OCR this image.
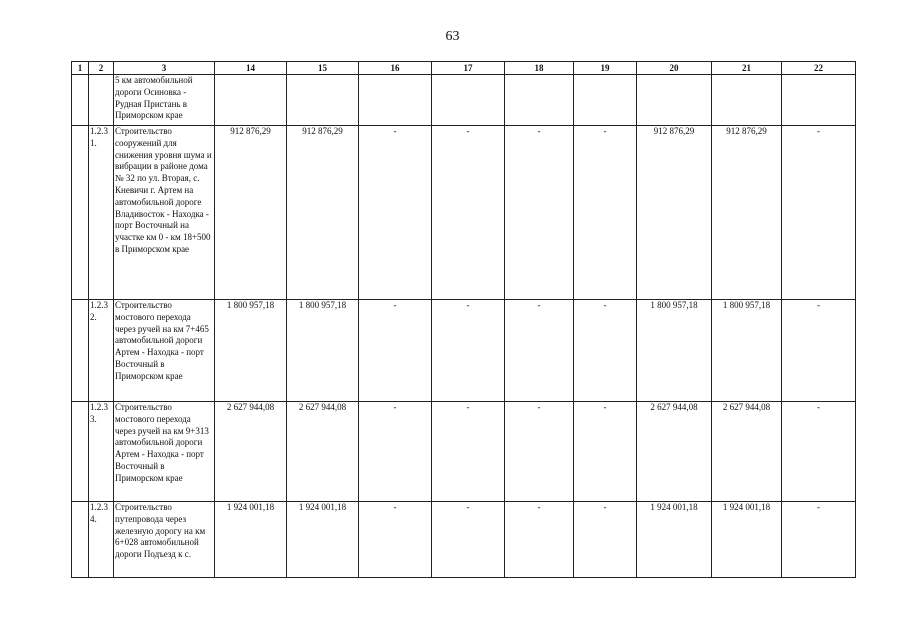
63
1	2	3	14	15	16	17	18	19	20	21	22
		5 км автомобильной дороги Осиновка - Рудная Пристань в Приморском крае									
	1.2.3 1.	Строительство сооружений для снижения уровня шума и вибрации в районе дома № 32 по ул. Вторая, с. Кневичи г. Артем на автомобильной дороге Владивосток - Находка - порт Восточный на участке км 0 - км 18+500 в Приморском крае	912 876,29	912 876,29	-	-	-	-	912 876,29	912 876,29	-
	1.2.3 2.	Строительство мостового перехода через ручей на км 7+465 автомобильной дороги Артем - Находка - порт Восточный в Приморском крае	1 800 957,18	1 800 957,18	-	-	-	-	1 800 957,18	1 800 957,18	-
	1.2.3 3.	Строительство мостового перехода через ручей на км 9+313 автомобильной дороги Артем - Находка - порт Восточный в Приморском крае	2 627 944,08	2 627 944,08	-	-	-	-	2 627 944,08	2 627 944,08	-
	1.2.3 4.	Строительство путепровода через железную дорогу на км 6+028 автомобильной дороги Подъезд к с.	1 924 001,18	1 924 001,18	-	-	-	-	1 924 001,18	1 924 001,18	-
